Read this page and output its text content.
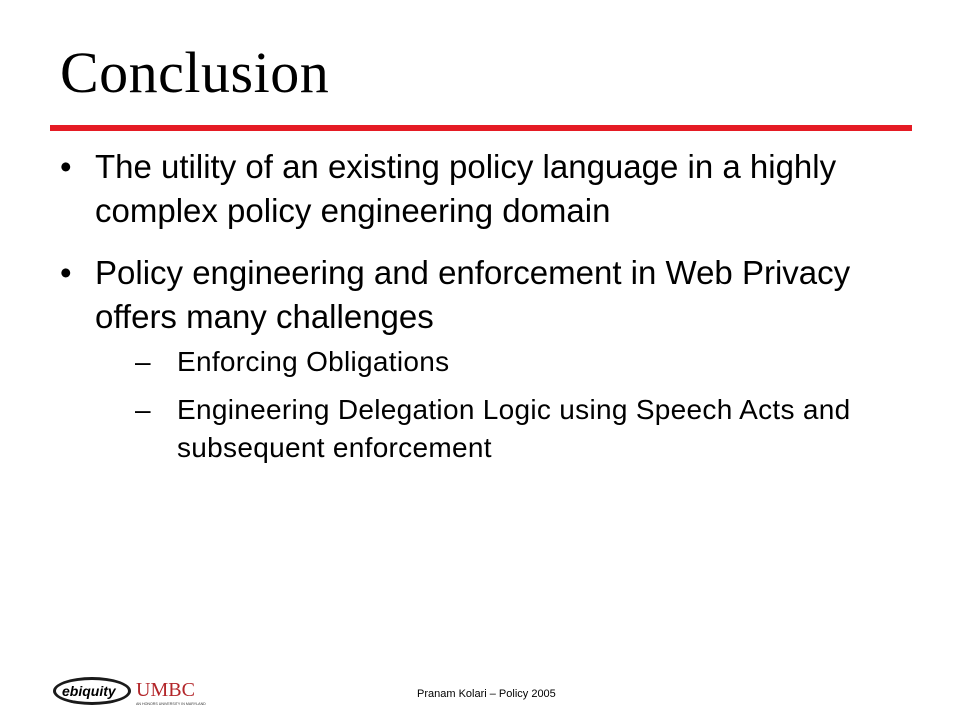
Conclusion
• The utility of an existing policy language in a highly complex policy engineering domain
• Policy engineering and enforcement in Web Privacy offers many challenges
– Enforcing Obligations
– Engineering Delegation Logic using Speech Acts and subsequent enforcement
ebiquity UMBC
AN HONORS UNIVERSITY IN MARYLAND
Pranam Kolari – Policy 2005
